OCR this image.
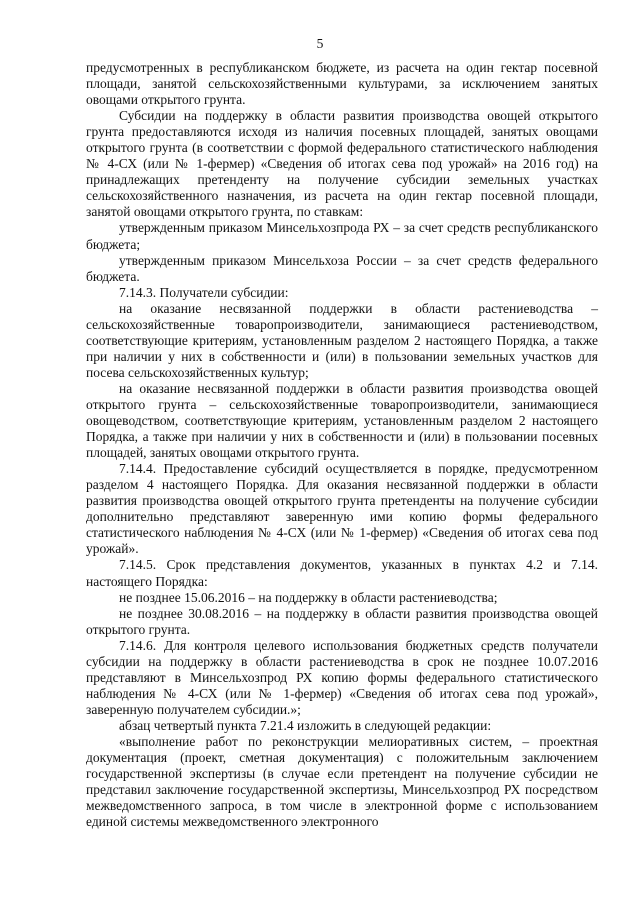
5

предусмотренных в республиканском бюджете, из расчета на один гектар посевной площади, занятой сельскохозяйственными культурами, за исключением занятых овощами открытого грунта.

Субсидии на поддержку в области развития производства овощей открытого грунта предоставляются исходя из наличия посевных площадей, занятых овощами открытого грунта (в соответствии с формой федерального статистического наблюдения № 4-СХ (или № 1-фермер) «Сведения об итогах сева под урожай» на 2016 год) на принадлежащих претенденту на получение субсидии земельных участках сельскохозяйственного назначения, из расчета на один гектар посевной площади, занятой овощами открытого грунта, по ставкам:

утвержденным приказом Минсельхозпрода РХ – за счет средств республиканского бюджета;

утвержденным приказом Минсельхоза России – за счет средств федерального бюджета.

7.14.3. Получатели субсидии:

на оказание несвязанной поддержки в области растениеводства – сельскохозяйственные товаропроизводители, занимающиеся растениеводством, соответствующие критериям, установленным разделом 2 настоящего Порядка, а также при наличии у них в собственности и (или) в пользовании земельных участков для посева сельскохозяйственных культур;

на оказание несвязанной поддержки в области развития производства овощей открытого грунта – сельскохозяйственные товаропроизводители, занимающиеся овощеводством, соответствующие критериям, установленным разделом 2 настоящего Порядка, а также при наличии у них в собственности и (или) в пользовании посевных площадей, занятых овощами открытого грунта.

7.14.4. Предоставление субсидий осуществляется в порядке, предусмотренном разделом 4 настоящего Порядка. Для оказания несвязанной поддержки в области развития производства овощей открытого грунта претенденты на получение субсидии дополнительно представляют заверенную ими копию формы федерального статистического наблюдения № 4-СХ (или № 1-фермер) «Сведения об итогах сева под урожай».

7.14.5. Срок представления документов, указанных в пунктах 4.2 и 7.14. настоящего Порядка:

не позднее 15.06.2016 – на поддержку в области растениеводства;

не позднее 30.08.2016 – на поддержку в области развития производства овощей открытого грунта.

7.14.6. Для контроля целевого использования бюджетных средств получатели субсидии на поддержку в области растениеводства в срок не позднее 10.07.2016 представляют в Минсельхозпрод РХ копию формы федерального статистического наблюдения № 4-СХ (или № 1-фермер) «Сведения об итогах сева под урожай», заверенную получателем субсидии.»;

абзац четвертый пункта 7.21.4 изложить в следующей редакции:

«выполнение работ по реконструкции мелиоративных систем, – проектная документация (проект, сметная документация) с положительным заключением государственной экспертизы (в случае если претендент на получение субсидии не представил заключение государственной экспертизы, Минсельхозпрод РХ посредством межведомственного запроса, в том числе в электронной форме с использованием единой системы межведомственного электронного
